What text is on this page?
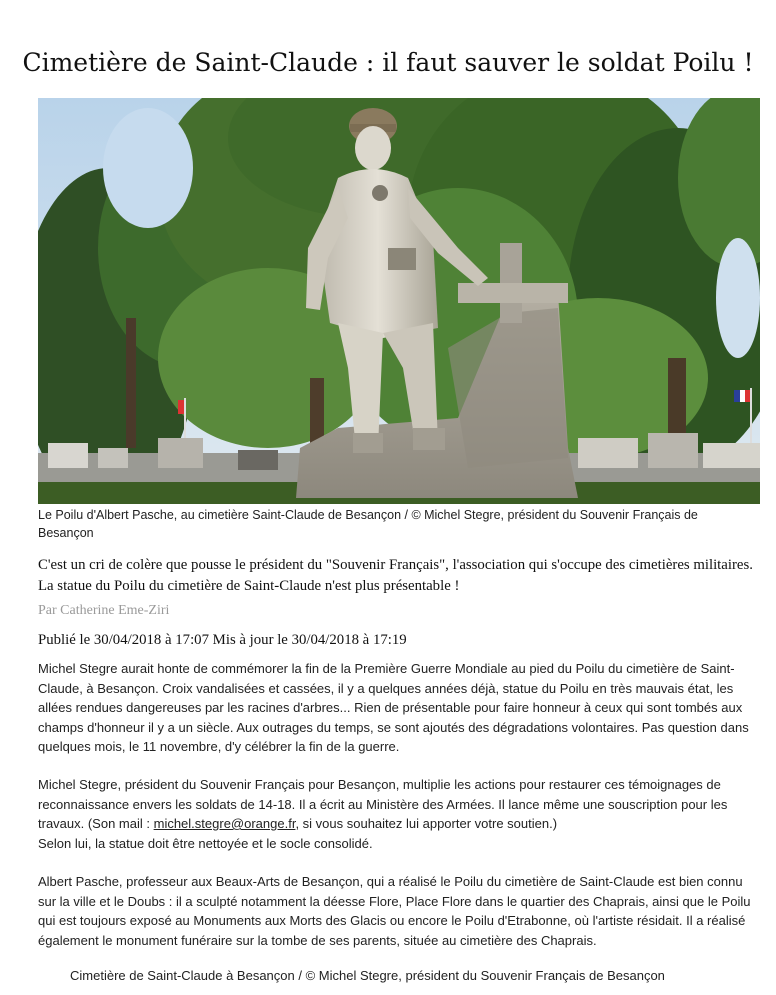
Cimetière de Saint-Claude : il faut sauver le soldat Poilu !
Le Poilu d'Albert Pasche, au cimetière Saint-Claude de Besançon / © Michel Stegre, président du Souvenir Français de Besançon
C'est un cri de colère que pousse le président du "Souvenir Français", l'association qui s'occupe des cimetières militaires. La statue du Poilu du cimetière de Saint-Claude n'est plus présentable !
Par Catherine Eme-Ziri
Publié le 30/04/2018 à 17:07 Mis à jour le 30/04/2018 à 17:19
Michel Stegre aurait honte de commémorer la fin de la Première Guerre Mondiale au pied du Poilu du cimetière de Saint-Claude, à Besançon. Croix vandalisées et cassées, il y a quelques années déjà, statue du Poilu en très mauvais état, les allées rendues dangereuses par les racines d'arbres... Rien de présentable pour faire honneur à ceux qui sont tombés aux champs d'honneur il y a un siècle. Aux outrages du temps, se sont ajoutés des dégradations volontaires. Pas question dans quelques mois, le 11 novembre, d'y célébrer la fin de la guerre.
Michel Stegre, président du Souvenir Français pour Besançon, multiplie les actions pour restaurer ces témoignages de reconnaissance envers les soldats de 14-18. Il a écrit au Ministère des Armées. Il lance même une souscription pour les travaux. (Son mail : michel.stegre@orange.fr, si vous souhaitez lui apporter votre soutien.)
Selon lui, la statue doit être nettoyée et le socle consolidé.
Albert Pasche, professeur aux Beaux-Arts de Besançon, qui a réalisé le Poilu du cimetière de Saint-Claude est bien connu sur la ville et le Doubs : il a sculpté notamment la déesse Flore, Place Flore dans le quartier des Chaprais, ainsi que le Poilu qui est toujours exposé au Monuments aux Morts des Glacis ou encore le Poilu d'Etrabonne, où l'artiste résidait. Il a réalisé également le monument funéraire sur la tombe de ses parents, située au cimetière des Chaprais.
Cimetière de Saint-Claude à Besançon / © Michel Stegre, président du Souvenir Français de Besançon
